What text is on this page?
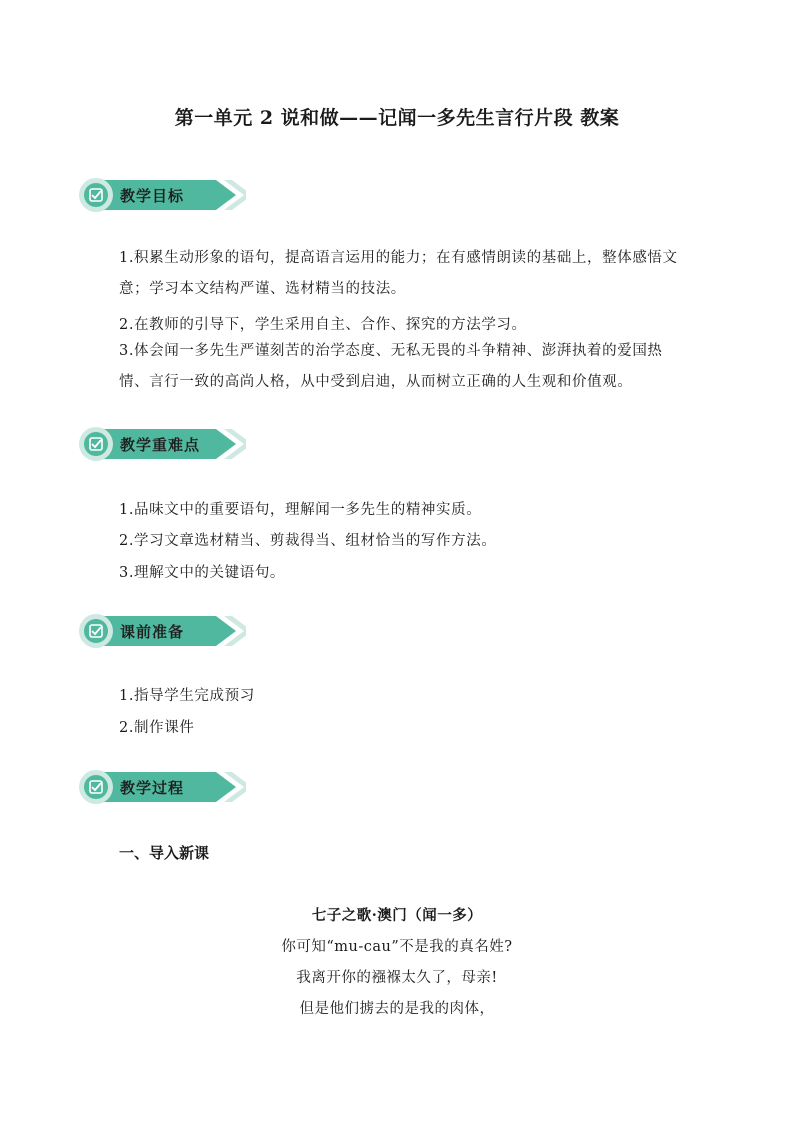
第一单元 2 说和做——记闻一多先生言行片段 教案
教学目标
1.积累生动形象的语句，提高语言运用的能力；在有感情朗读的基础上，整体感悟文意；学习本文结构严谨、选材精当的技法。
2.在教师的引导下，学生采用自主、合作、探究的方法学习。
3.体会闻一多先生严谨刻苦的治学态度、无私无畏的斗争精神、澎湃执着的爱国热情、言行一致的高尚人格，从中受到启迪，从而树立正确的人生观和价值观。
教学重难点
1.品味文中的重要语句，理解闻一多先生的精神实质。
2.学习文章选材精当、剪裁得当、组材恰当的写作方法。
3.理解文中的关键语句。
课前准备
1.指导学生完成预习
2.制作课件
教学过程
一、导入新课
七子之歌·澳门（闻一多）
你可知“mu-cau”不是我的真名姓?
我离开你的襁褓太久了，母亲!
但是他们掳去的是我的肉体，
